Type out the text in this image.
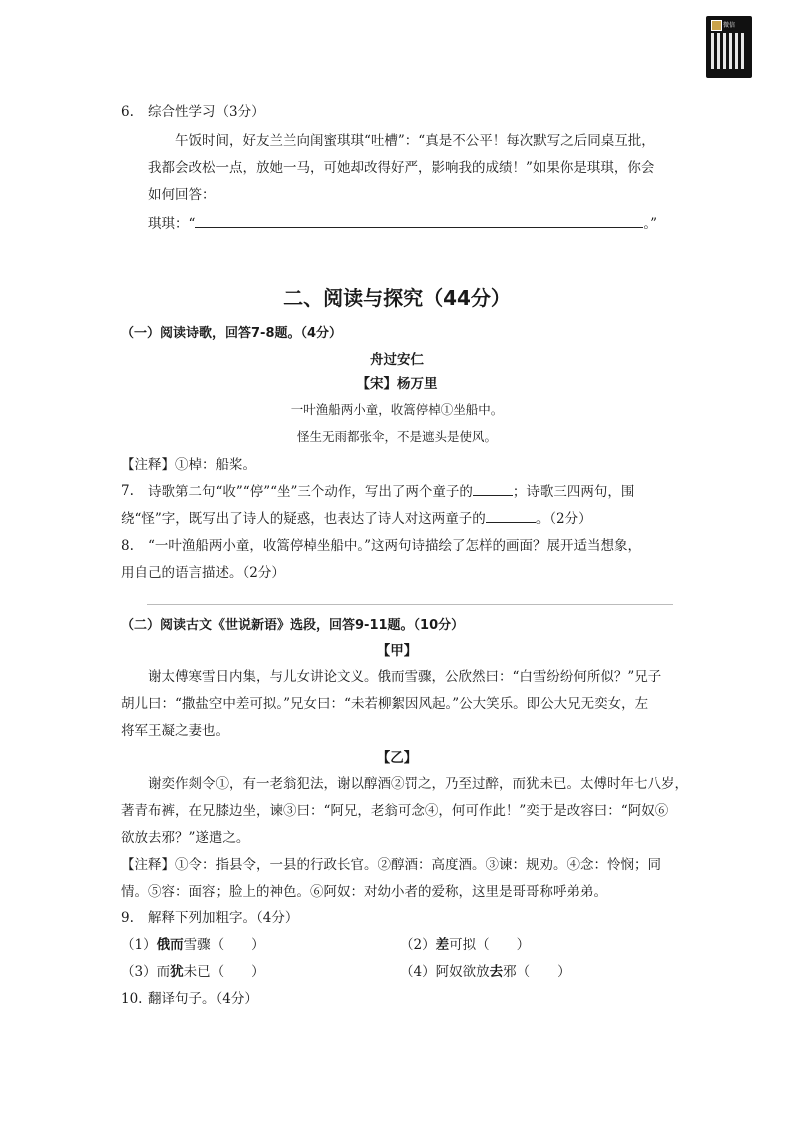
微信
6. 综合性学习（3分）
午饭时间，好友兰兰向闺蜜琪琪“吐槽”：“真是不公平！每次默写之后同桌互批，
我都会改松一点，放她一马，可她却改得好严，影响我的成绩！”如果你是琪琪，你会
如何回答：
琪琪：“	。”
二、阅读与探究（44分）
（一）阅读诗歌，回答7-8题。（4分）
舟过安仁
【宋】杨万里
一叶渔船两小童，收篙停棹①坐船中。
怪生无雨都张伞，不是遮头是使风。
【注释】①棹：船桨。
7. 诗歌第二句“收”“停”“坐”三个动作，写出了两个童子的	；诗歌三四两句，围
绕“怪”字，既写出了诗人的疑惑，也表达了诗人对这两童子的	。（2分）
8. “一叶渔船两小童，收篙停棹坐船中。”这两句诗描绘了怎样的画面？展开适当想象，
用自己的语言描述。（2分）
（二）阅读古文《世说新语》选段，回答9-11题。（10分）
【甲】
谢太傅寒雪日内集，与儿女讲论文义。俄而雪骤，公欣然曰：“白雪纷纷何所似？”兄子
胡儿曰：“撒盐空中差可拟。”兄女曰：“未若柳絮因风起。”公大笑乐。即公大兄无奕女，左
将军王凝之妻也。
【乙】
谢奕作剡令①，有一老翁犯法，谢以醇酒②罚之，乃至过醉，而犹未已。太傅时年七八岁，
著青布裤，在兄膝边坐，谏③曰：“阿兄，老翁可念④，何可作此！”奕于是改容曰：“阿奴⑥
欲放去邪？”遂遣之。
【注释】①令：指县令，一县的行政长官。②醇酒：高度酒。③谏：规劝。④念：怜悯；同
情。⑤容：面容；脸上的神色。⑥阿奴：对幼小者的爱称，这里是哥哥称呼弟弟。
9. 解释下列加粗字。（4分）
（1）俄而雪骤（　　）	（2）差可拟（　　）
（3）而犹未已（　　）	（4）阿奴欲放去邪（　　）
10. 翻译句子。（4分）
